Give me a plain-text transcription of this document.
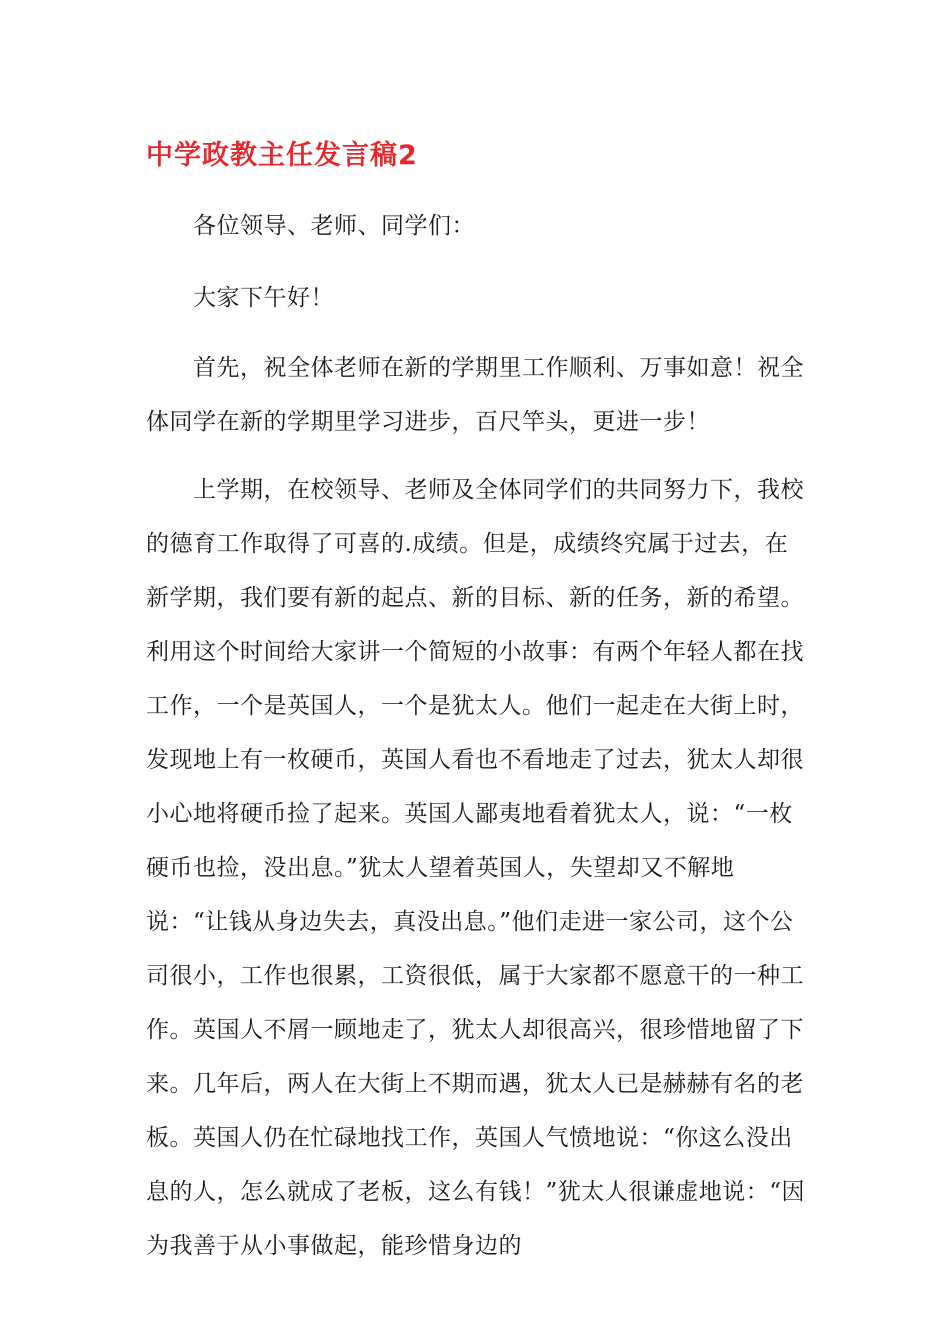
中学政教主任发言稿2

各位领导、老师、同学们：

大家下午好！

首先，祝全体老师在新的学期里工作顺利、万事如意！祝全体同学在新的学期里学习进步，百尺竿头，更进一步！

上学期，在校领导、老师及全体同学们的共同努力下，我校的德育工作取得了可喜的.成绩。但是，成绩终究属于过去，在新学期，我们要有新的起点、新的目标、新的任务，新的希望。利用这个时间给大家讲一个简短的小故事：有两个年轻人都在找工作，一个是英国人，一个是犹太人。他们一起走在大街上时，发现地上有一枚硬币，英国人看也不看地走了过去，犹太人却很小心地将硬币捡了起来。英国人鄙夷地看着犹太人，说：“一枚硬币也捡，没出息。”犹太人望着英国人，失望却又不解地说：“让钱从身边失去，真没出息。”他们走进一家公司，这个公司很小，工作也很累，工资很低，属于大家都不愿意干的一种工作。英国人不屑一顾地走了，犹太人却很高兴，很珍惜地留了下来。几年后，两人在大街上不期而遇，犹太人已是赫赫有名的老板。英国人仍在忙碌地找工作，英国人气愤地说：“你这么没出息的人，怎么就成了老板，这么有钱！”犹太人很谦虚地说：“因为我善于从小事做起，能珍惜身边的
